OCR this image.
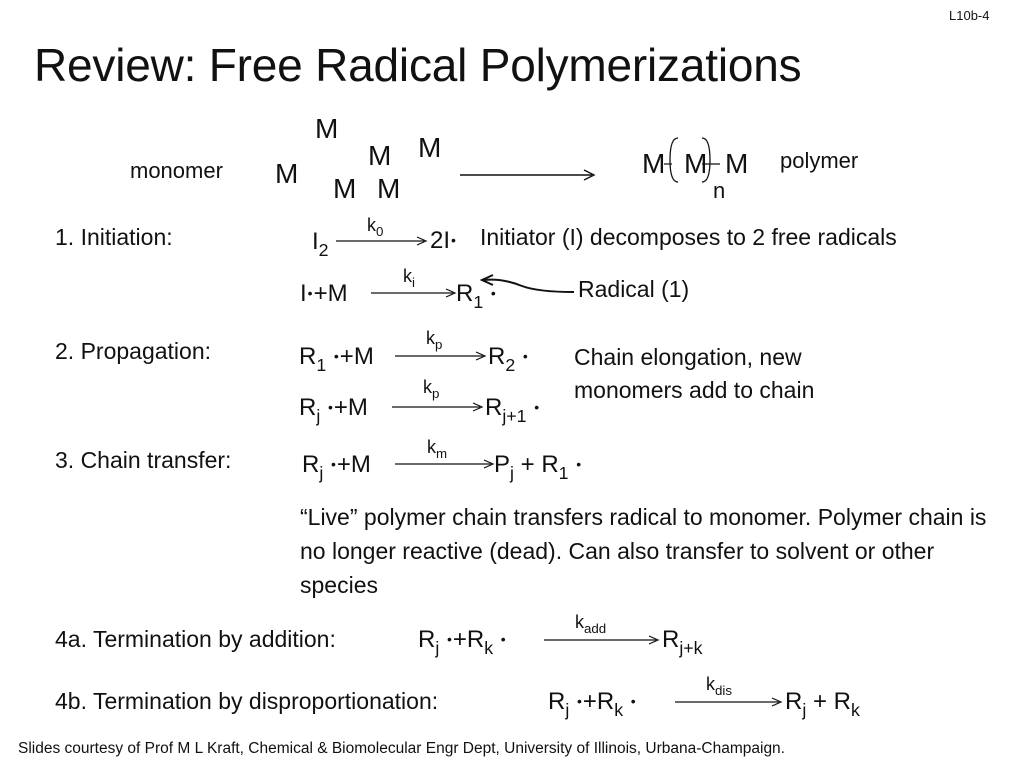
L10b-4
Review: Free Radical Polymerizations
monomer
M
M
M
M M M
M M M
n
polymer
1. Initiation:	$I_2$
$k_0$ 2I• Initiator (I) decomposes to 2 free radicals
I•+M
$k_i$ $R_1$ •	Radical (1)
2. Propagation:	$R_1$ •+M
$k_p$ $R_2$ •
$R_j$ •+M
$k_p$
$R_{j+1}$ •
Chain elongation, new
monomers add to chain
3. Chain transfer:	$R_j$ •+M
$k_m$ $P_j + R_1$ •
“Live” polymer chain transfers radical to monomer. Polymer chain is no longer reactive (dead). Can also transfer to solvent or other species
4a. Termination by addition:	$R_j$ $•+R_k$ •
$k_{add}$ $R_{j+k}$
4b. Termination by disproportionation:	$R_j$ $•+R_k$ •
$k_{dis}$ $R_j + R_k$
Slides courtesy of Prof M L Kraft, Chemical & Biomolecular Engr Dept, University of Illinois, Urbana-Champaign.
